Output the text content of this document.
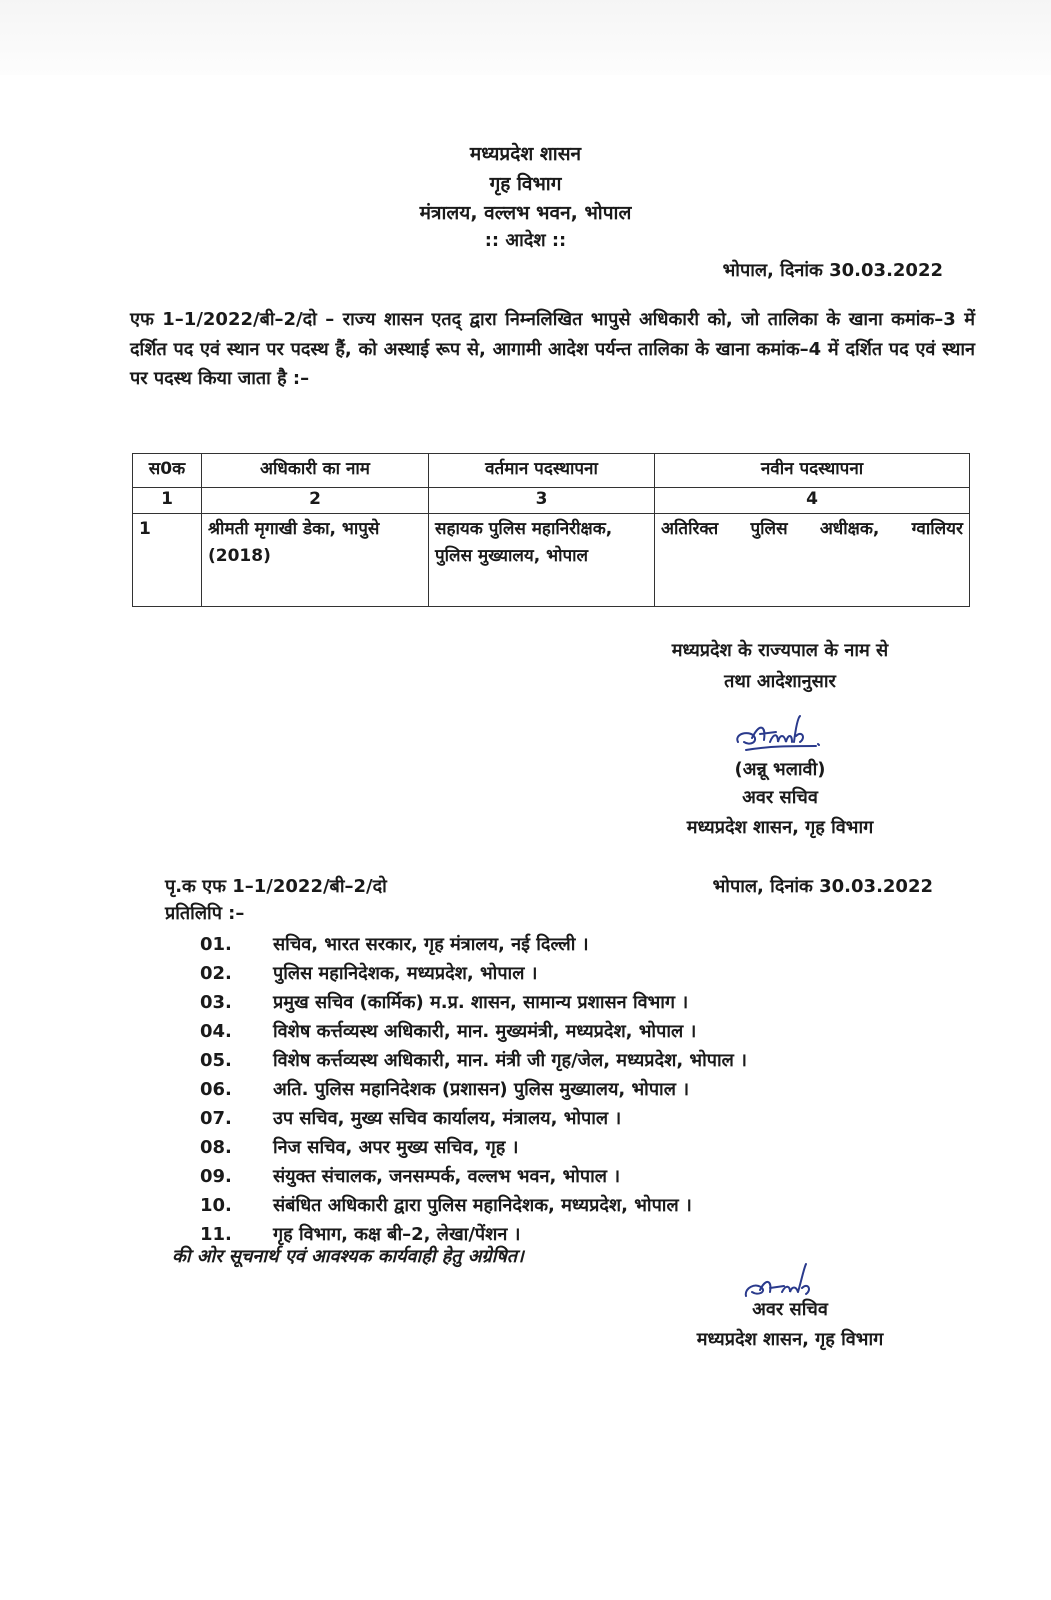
मध्यप्रदेश शासन
गृह विभाग
मंत्रालय, वल्लभ भवन, भोपाल
:: आदेश ::
भोपाल, दिनांक 30.03.2022
एफ 1–1/2022/बी–2/दो – राज्य शासन एतद् द्वारा निम्नलिखित भापुसे अधिकारी को, जो तालिका के खाना कमांक–3 में दर्शित पद एवं स्थान पर पदस्थ हैं, को अस्थाई रूप से, आगामी आदेश पर्यन्त तालिका के खाना कमांक–4 में दर्शित पद एवं स्थान पर पदस्थ किया जाता है :–
स0क	अधिकारी का नाम	वर्तमान पदस्थापना	नवीन पदस्थापना
1	2	3	4
1	श्रीमती मृगाखी डेका, भापुसे (2018)	सहायक पुलिस महानिरीक्षक, पुलिस मुख्यालय, भोपाल	अतिरिक्त पुलिस अधीक्षक, ग्वालियर
मध्यप्रदेश के राज्यपाल के नाम से
तथा आदेशानुसार
(अन्नू भलावी)
अवर सचिव
मध्यप्रदेश शासन, गृह विभाग
पृ.क एफ 1–1/2022/बी–2/दो	भोपाल, दिनांक 30.03.2022
प्रतिलिपि :–
01. सचिव, भारत सरकार, गृह मंत्रालय, नई दिल्ली ।
02. पुलिस महानिदेशक, मध्यप्रदेश, भोपाल ।
03. प्रमुख सचिव (कार्मिक) म.प्र. शासन, सामान्य प्रशासन विभाग ।
04. विशेष कर्त्तव्यस्थ अधिकारी, मान. मुख्यमंत्री, मध्यप्रदेश, भोपाल ।
05. विशेष कर्त्तव्यस्थ अधिकारी, मान. मंत्री जी गृह/जेल, मध्यप्रदेश, भोपाल ।
06. अति. पुलिस महानिदेशक (प्रशासन) पुलिस मुख्यालय, भोपाल ।
07. उप सचिव, मुख्य सचिव कार्यालय, मंत्रालय, भोपाल ।
08. निज सचिव, अपर मुख्य सचिव, गृह ।
09. संयुक्त संचालक, जनसम्पर्क, वल्लभ भवन, भोपाल ।
10. संबंधित अधिकारी द्वारा पुलिस महानिदेशक, मध्यप्रदेश, भोपाल ।
11. गृह विभाग, कक्ष बी–2, लेखा/पेंशन ।
की ओर सूचनार्थ एवं आवश्यक कार्यवाही हेतु अग्रेषित।
अवर सचिव
मध्यप्रदेश शासन, गृह विभाग
